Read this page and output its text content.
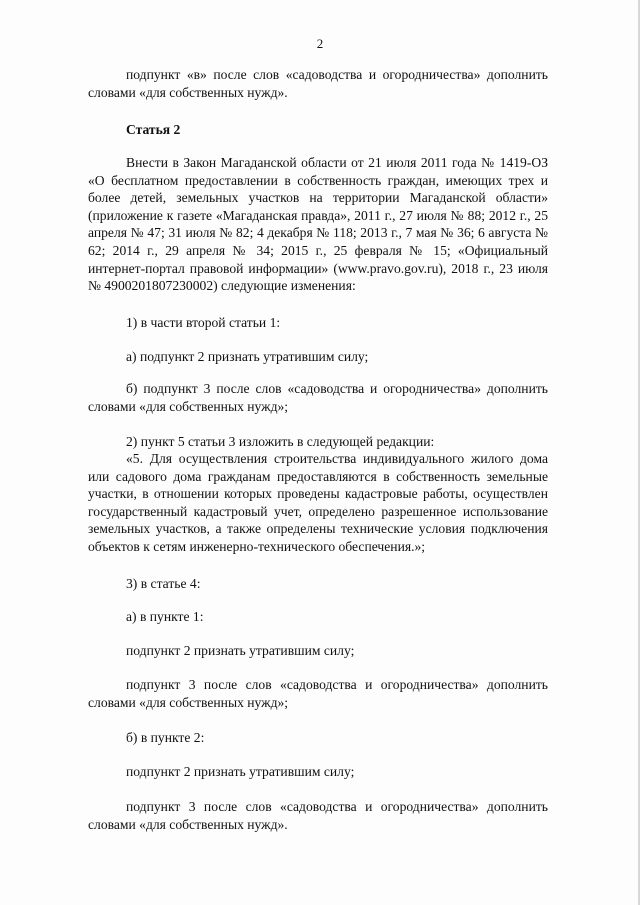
2
подпункт «в» после слов «садоводства и огородничества» дополнить словами «для собственных нужд».
Статья 2
Внести в Закон Магаданской области от 21 июля 2011 года № 1419-ОЗ «О бесплатном предоставлении в собственность граждан, имеющих трех и более детей, земельных участков на территории Магаданской области» (приложение к газете «Магаданская правда», 2011 г., 27 июля № 88; 2012 г., 25 апреля № 47; 31 июля № 82; 4 декабря № 118; 2013 г., 7 мая № 36; 6 августа № 62; 2014 г., 29 апреля № 34; 2015 г., 25 февраля № 15; «Официальный интернет-портал правовой информации» (www.pravo.gov.ru), 2018 г., 23 июля № 4900201807230002) следующие изменения:
1) в части второй статьи 1:
а) подпункт 2 признать утратившим силу;
б) подпункт 3 после слов «садоводства и огородничества» дополнить словами «для собственных нужд»;
2) пункт 5 статьи 3 изложить в следующей редакции:
«5. Для осуществления строительства индивидуального жилого дома или садового дома гражданам предоставляются в собственность земельные участки, в отношении которых проведены кадастровые работы, осуществлен государственный кадастровый учет, определено разрешенное использование земельных участков, а также определены технические условия подключения объектов к сетям инженерно-технического обеспечения.»;
3) в статье 4:
а) в пункте 1:
подпункт 2 признать утратившим силу;
подпункт 3 после слов «садоводства и огородничества» дополнить словами «для собственных нужд»;
б) в пункте 2:
подпункт 2 признать утратившим силу;
подпункт 3 после слов «садоводства и огородничества» дополнить словами «для собственных нужд».
